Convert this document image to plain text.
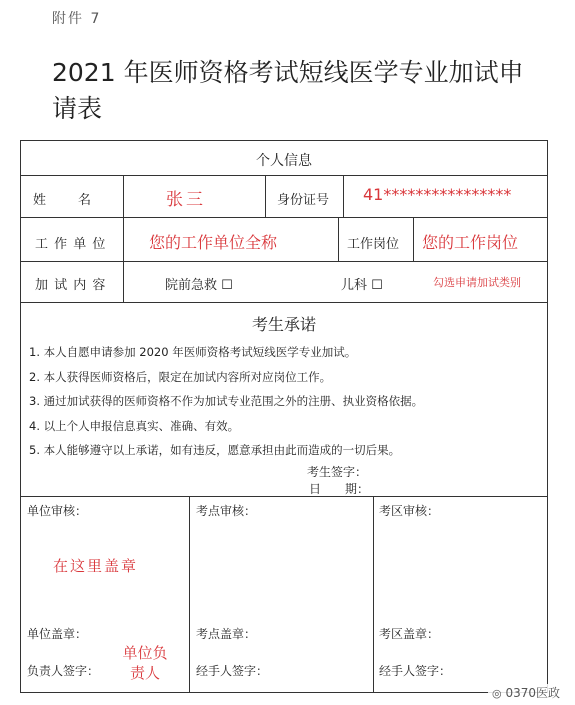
附件 7
2021 年医师资格考试短线医学专业加试申请表
个人信息
姓　　名	张三	身份证号 41****************
工 作 单 位	您的工作单位全称	工作岗位 您的工作岗位
加 试 内 容	院前急救 ☐	儿科 ☐	勾选申请加试类别
考生承诺
1. 本人自愿申请参加 2020 年医师资格考试短线医学专业加试。
2. 本人获得医师资格后，限定在加试内容所对应岗位工作。
3. 通过加试获得的医师资格不作为加试专业范围之外的注册、执业资格依据。
4. 以上个人申报信息真实、准确、有效。
5. 本人能够遵守以上承诺，如有违反，愿意承担由此而造成的一切后果。
考生签字：
日　　期：
单位审核：
在这里盖章
单位盖章：
负责人签字：
单位负责人
考点审核：
考点盖章：
经手人签字：
考区审核：
考区盖章：
经手人签字：
◎ 0370医政
